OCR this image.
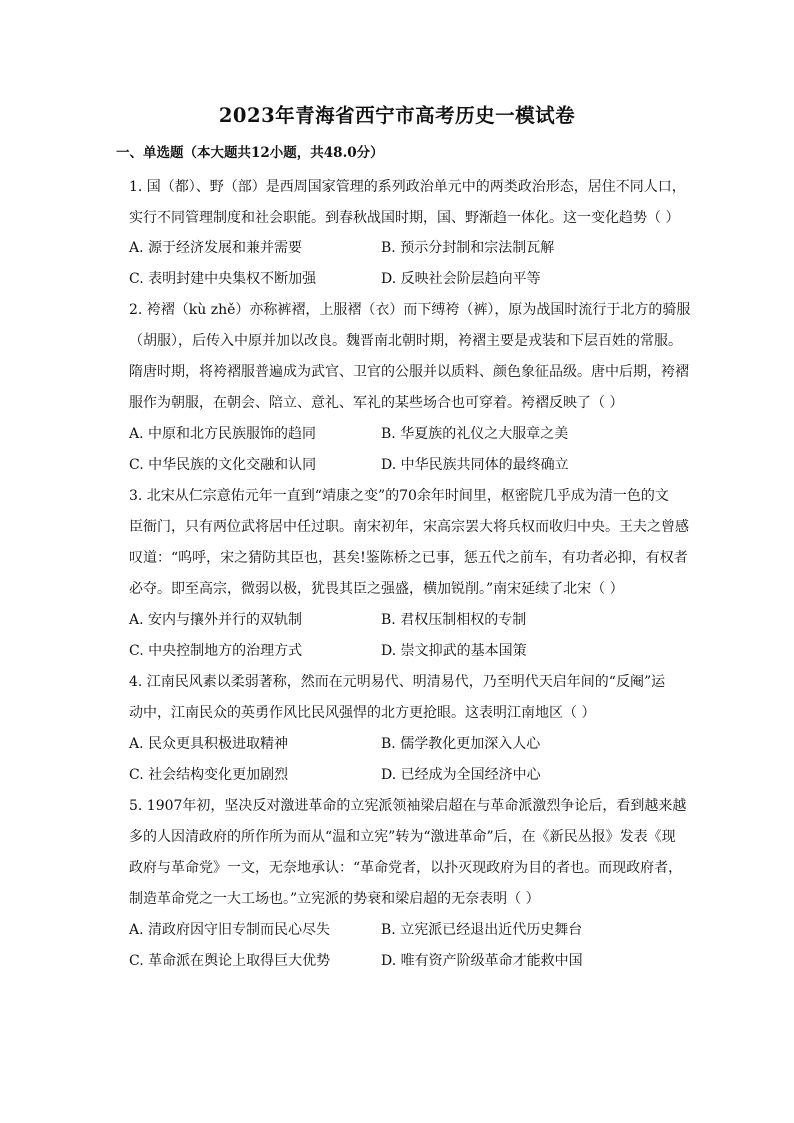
2023年青海省西宁市高考历史一模试卷
一、单选题（本大题共12小题，共48.0分）
1. 国（都）、野（部）是西周国家管理的系列政治单元中的两类政治形态，居住不同人口，
实行不同管理制度和社会职能。到春秋战国时期，国、野渐趋一体化。这一变化趋势（ ）
A. 源于经济发展和兼并需要	B. 预示分封制和宗法制瓦解
C. 表明封建中央集权不断加强	D. 反映社会阶层趋向平等
2. 袴褶（kù zhě）亦称裤褶，上服褶（衣）而下缚袴（裤），原为战国时流行于北方的骑服
（胡服），后传入中原并加以改良。魏晋南北朝时期，袴褶主要是戎装和下层百姓的常服。
隋唐时期，将袴褶服普遍成为武官、卫官的公服并以质料、颜色象征品级。唐中后期，袴褶
服作为朝服，在朝会、陪立、意礼、军礼的某些场合也可穿着。袴褶反映了（ ）
A. 中原和北方民族服饰的趋同	B. 华夏族的礼仪之大服章之美
C. 中华民族的文化交融和认同	D. 中华民族共同体的最终确立
3. 北宋从仁宗意佑元年一直到“靖康之变”的70余年时间里，枢密院几乎成为清一色的文
臣衙门，只有两位武将居中任过职。南宋初年，宋高宗罢大将兵权而收归中央。王夫之曾感
叹道：“呜呼，宋之猜防其臣也，甚矣!鉴陈桥之已事，惩五代之前车，有功者必抑，有权者
必夺。即至高宗，微弱以极，犹畏其臣之强盛，横加锐削。”南宋延续了北宋（ ）
A. 安内与攘外并行的双轨制	B. 君权压制相权的专制
C. 中央控制地方的治理方式	D. 崇文抑武的基本国策
4. 江南民风素以柔弱著称，然而在元明易代、明清易代，乃至明代天启年间的“反阉”运
动中，江南民众的英勇作风比民风强悍的北方更抢眼。这表明江南地区（ ）
A. 民众更具积极进取精神	B. 儒学教化更加深入人心
C. 社会结构变化更加剧烈	D. 已经成为全国经济中心
5. 1907年初，坚决反对激进革命的立宪派领袖梁启超在与革命派激烈争论后，看到越来越
多的人因清政府的所作所为而从“温和立宪”转为“激进革命”后，在《新民丛报》发表《现
政府与革命党》一文，无奈地承认：“革命党者，以扑灭现政府为目的者也。而现政府者，
制造革命党之一大工场也。”立宪派的势衰和梁启超的无奈表明（ ）
A. 清政府因守旧专制而民心尽失	B. 立宪派已经退出近代历史舞台
C. 革命派在舆论上取得巨大优势	D. 唯有资产阶级革命才能救中国
